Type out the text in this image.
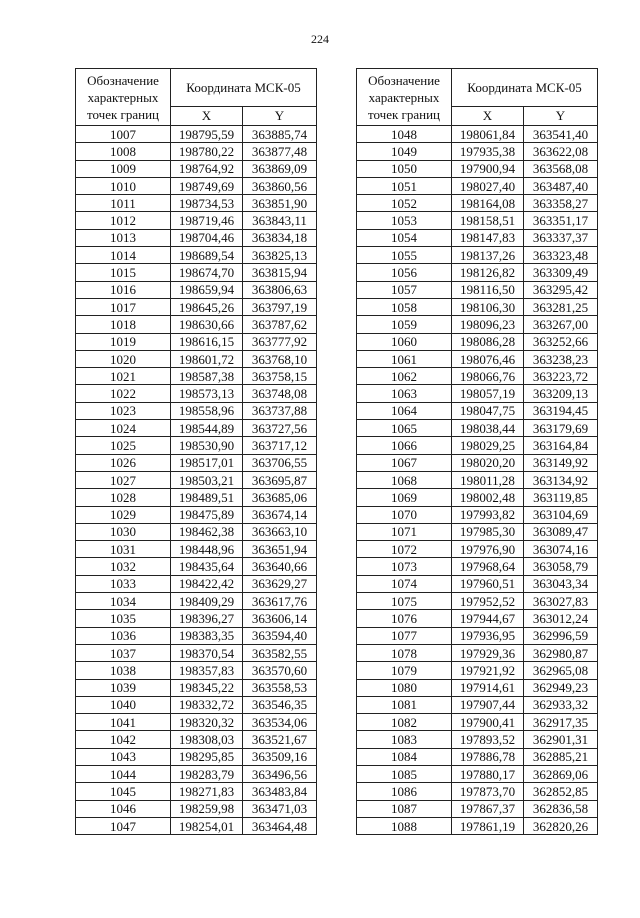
224
Обозначение характерных точек границ	Координата МСК-05	
	X	Y
1007	198795,59	363885,74
1008	198780,22	363877,48
1009	198764,92	363869,09
1010	198749,69	363860,56
1011	198734,53	363851,90
1012	198719,46	363843,11
1013	198704,46	363834,18
1014	198689,54	363825,13
1015	198674,70	363815,94
1016	198659,94	363806,63
1017	198645,26	363797,19
1018	198630,66	363787,62
1019	198616,15	363777,92
1020	198601,72	363768,10
1021	198587,38	363758,15
1022	198573,13	363748,08
1023	198558,96	363737,88
1024	198544,89	363727,56
1025	198530,90	363717,12
1026	198517,01	363706,55
1027	198503,21	363695,87
1028	198489,51	363685,06
1029	198475,89	363674,14
1030	198462,38	363663,10
1031	198448,96	363651,94
1032	198435,64	363640,66
1033	198422,42	363629,27
1034	198409,29	363617,76
1035	198396,27	363606,14
1036	198383,35	363594,40
1037	198370,54	363582,55
1038	198357,83	363570,60
1039	198345,22	363558,53
1040	198332,72	363546,35
1041	198320,32	363534,06
1042	198308,03	363521,67
1043	198295,85	363509,16
1044	198283,79	363496,56
1045	198271,83	363483,84
1046	198259,98	363471,03
1047	198254,01	363464,48
Обозначение характерных точек границ	Координата МСК-05	
	X	Y
1048	198061,84	363541,40
1049	197935,38	363622,08
1050	197900,94	363568,08
1051	198027,40	363487,40
1052	198164,08	363358,27
1053	198158,51	363351,17
1054	198147,83	363337,37
1055	198137,26	363323,48
1056	198126,82	363309,49
1057	198116,50	363295,42
1058	198106,30	363281,25
1059	198096,23	363267,00
1060	198086,28	363252,66
1061	198076,46	363238,23
1062	198066,76	363223,72
1063	198057,19	363209,13
1064	198047,75	363194,45
1065	198038,44	363179,69
1066	198029,25	363164,84
1067	198020,20	363149,92
1068	198011,28	363134,92
1069	198002,48	363119,85
1070	197993,82	363104,69
1071	197985,30	363089,47
1072	197976,90	363074,16
1073	197968,64	363058,79
1074	197960,51	363043,34
1075	197952,52	363027,83
1076	197944,67	363012,24
1077	197936,95	362996,59
1078	197929,36	362980,87
1079	197921,92	362965,08
1080	197914,61	362949,23
1081	197907,44	362933,32
1082	197900,41	362917,35
1083	197893,52	362901,31
1084	197886,78	362885,21
1085	197880,17	362869,06
1086	197873,70	362852,85
1087	197867,37	362836,58
1088	197861,19	362820,26
